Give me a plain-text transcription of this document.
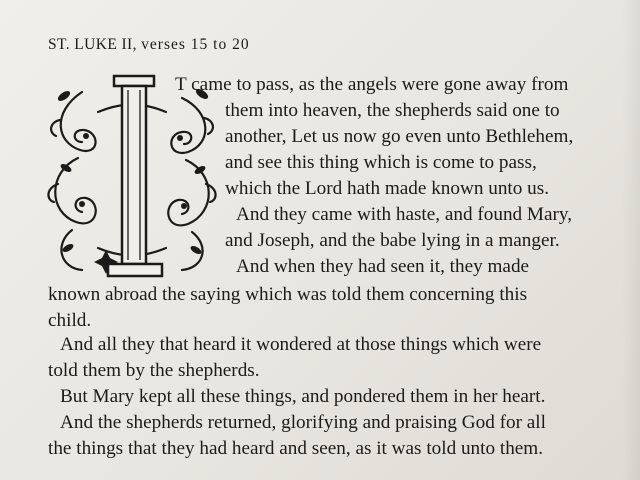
ST. LUKE II, verses 15 to 20
T came to pass, as the angels were gone away from
them into heaven, the shepherds said one to
another, Let us now go even unto Bethlehem,
and see this thing which is come to pass,
which the Lord hath made known unto us.
And they came with haste, and found Mary,
and Joseph, and the babe lying in a manger.
And when they had seen it, they made
known abroad the saying which was told them concerning this
child.
And all they that heard it wondered at those things which were
told them by the shepherds.
But Mary kept all these things, and pondered them in her heart.
And the shepherds returned, glorifying and praising God for all
the things that they had heard and seen, as it was told unto them.
